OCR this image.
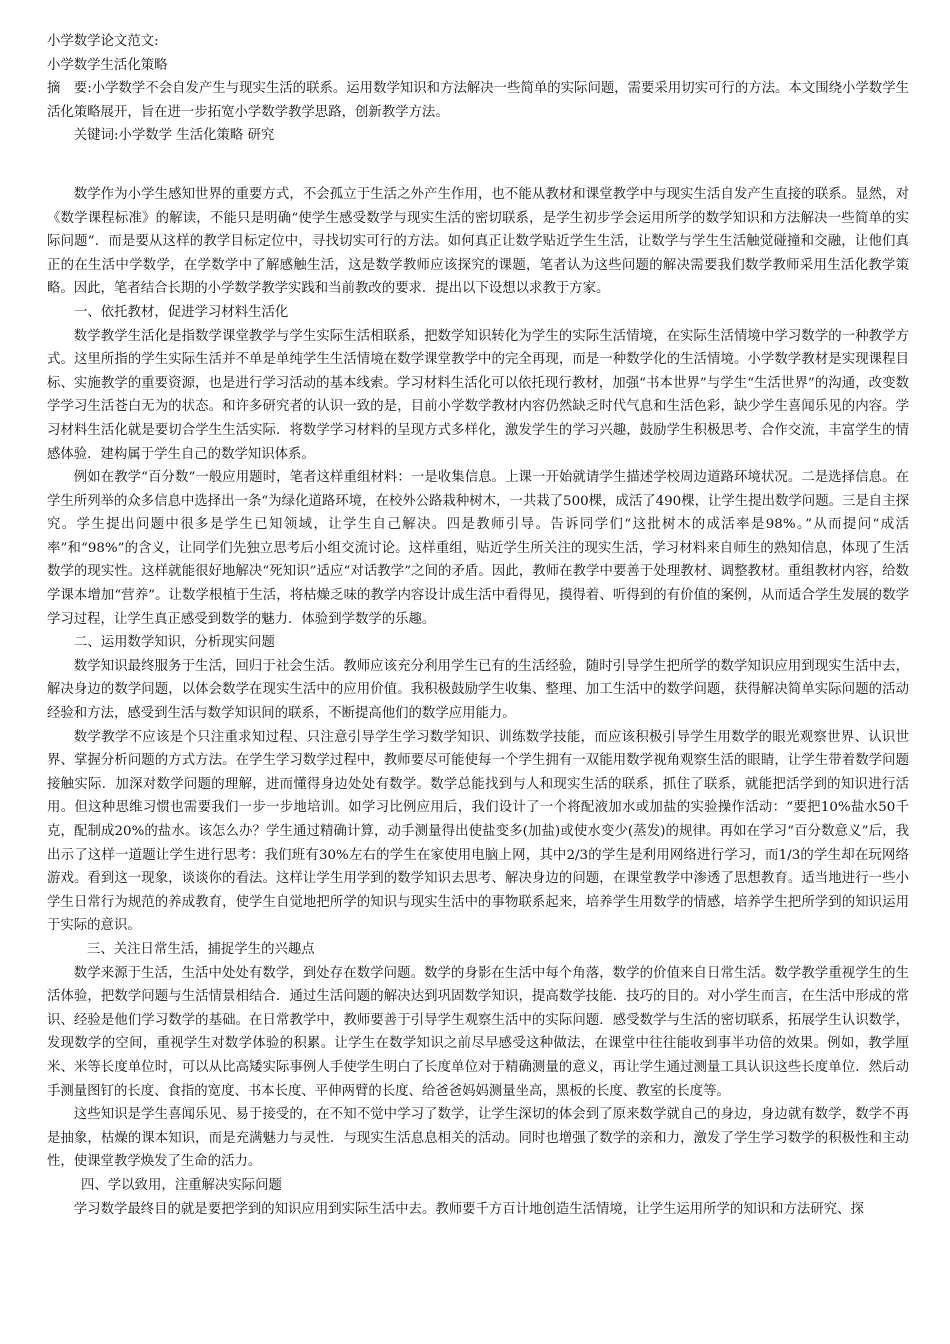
小学数学论文范文:

小学数学生活化策略

摘　要:小学数学不会自发产生与现实生活的联系。运用数学知识和方法解决一些简单的实际问题，需要采用切实可行的方法。本文围绕小学数学生活化策略展开，旨在进一步拓宽小学数学教学思路，创新教学方法。

关键词:小学数学 生活化策略 研究

数学作为小学生感知世界的重要方式，不会孤立于生活之外产生作用，也不能从教材和课堂教学中与现实生活自发产生直接的联系。显然，对《数学课程标准》的解读，不能只是明确“使学生感受数学与现实生活的密切联系，是学生初步学会运用所学的数学知识和方法解决一些简单的实际问题”．而是要从这样的教学目标定位中，寻找切实可行的方法。如何真正让数学贴近学生生活，让数学与学生生活触觉碰撞和交融，让他们真正的在生活中学数学，在学数学中了解感触生活，这是数学教师应该探究的课题，笔者认为这些问题的解决需要我们数学教师采用生活化教学策略。因此，笔者结合长期的小学数学教学实践和当前教改的要求．提出以下设想以求教于方家。

一、依托教材，促进学习材料生活化

数学教学生活化是指数学课堂教学与学生实际生活相联系，把数学知识转化为学生的实际生活情境，在实际生活情境中学习数学的一种教学方式。这里所指的学生实际生活并不单是单纯学生生活情境在数学课堂教学中的完全再现，而是一种数学化的生活情境。小学数学教材是实现课程目标、实施教学的重要资源，也是进行学习活动的基本线索。学习材料生活化可以依托现行教材，加强“书本世界”与学生“生活世界”的沟通，改变数学学习生活苍白无为的状态。和许多研究者的认识一致的是，目前小学数学教材内容仍然缺乏时代气息和生活色彩，缺少学生喜闻乐见的内容。学习材料生活化就是要切合学生生活实际．将数学学习材料的呈现方式多样化，激发学生的学习兴趣，鼓励学生积极思考、合作交流，丰富学生的情感体验．建构属于学生自己的数学知识体系。

例如在教学“百分数”一般应用题时，笔者这样重组材料：一是收集信息。上课一开始就请学生描述学校周边道路环境状况。二是选择信息。在学生所列举的众多信息中选择出一条“为绿化道路环境，在校外公路栽种树木，一共栽了500棵，成活了490棵，让学生提出数学问题。三是自主探究。学生提出问题中很多是学生已知领域，让学生自己解决。四是教师引导。告诉同学们“这批树木的成活率是98%。”从而提问“成活率”和“98%”的含义，让同学们先独立思考后小组交流讨论。这样重组，贴近学生所关注的现实生活，学习材料来自师生的熟知信息，体现了生活数学的现实性。这样就能很好地解决“死知识”适应“对话教学”之间的矛盾。因此，教师在教学中要善于处理教材、调整教材。重组教材内容，给数学课本增加“营养”。让数学根植于生活，将枯燥乏味的教学内容设计成生活中看得见，摸得着、听得到的有价值的案例，从而适合学生发展的数学学习过程，让学生真正感受到数学的魅力．体验到学数学的乐趣。

二、运用数学知识，分析现实问题

数学知识最终服务于生活，回归于社会生活。教师应该充分利用学生已有的生活经验，随时引导学生把所学的数学知识应用到现实生活中去，解决身边的数学问题，以体会数学在现实生活中的应用价值。我积极鼓励学生收集、整理、加工生活中的数学问题，获得解决简单实际问题的活动经验和方法，感受到生活与数学知识间的联系，不断提高他们的数学应用能力。

数学教学不应该是个只注重求知过程、只注意引导学生学习数学知识、训练数学技能，而应该积极引导学生用数学的眼光观察世界、认识世界、掌握分析问题的方式方法。在学生学习数学过程中，教师要尽可能使每一个学生拥有一双能用数学视角观察生活的眼睛，让学生带着数学问题接触实际．加深对数学问题的理解，进而懂得身边处处有数学。数学总能找到与人和现实生活的联系，抓住了联系，就能把活学到的知识进行活用。但这种思维习惯也需要我们一步一步地培训。如学习比例应用后，我们设计了一个将配液加水或加盐的实验操作活动：“要把10%盐水50千克，配制成20%的盐水。该怎么办？学生通过精确计算，动手测量得出使盐变多(加盐)或使水变少(蒸发)的规律。再如在学习“百分数意义”后，我出示了这样一道题让学生进行思考：我们班有30%左右的学生在家使用电脑上网，其中2/3的学生是利用网络进行学习，而1/3的学生却在玩网络游戏。看到这一现象，谈谈你的看法。这样让学生用学到的数学知识去思考、解决身边的问题，在课堂教学中渗透了思想教育。适当地进行一些小学生日常行为规范的养成教育，使学生自觉地把所学的知识与现实生活中的事物联系起来，培养学生用数学的情感，培养学生把所学到的知识运用于实际的意识。

三、关注日常生活，捕捉学生的兴趣点

数学来源于生活，生活中处处有数学，到处存在数学问题。数学的身影在生活中每个角落，数学的价值来自日常生活。数学教学重视学生的生活体验，把数学问题与生活情景相结合．通过生活问题的解决达到巩固数学知识，提高数学技能．技巧的目的。对小学生而言，在生活中形成的常识、经验是他们学习数学的基础。在日常教学中，教师要善于引导学生观察生活中的实际问题．感受数学与生活的密切联系，拓展学生认识数学，发现数学的空间，重视学生对数学体验的积累。让学生在数学知识之前尽早感受这种做法，在课堂中往往能收到事半功倍的效果。例如，教学厘米、米等长度单位时，可以从比高矮实际事例人手使学生明白了长度单位对于精确测量的意义，再让学生通过测量工具认识这些长度单位．然后动手测量图钉的长度、食指的宽度、书本长度、平伸两臂的长度、给爸爸妈妈测量坐高，黑板的长度、教室的长度等。

这些知识是学生喜闻乐见、易于接受的，在不知不觉中学习了数学，让学生深切的体会到了原来数学就自己的身边，身边就有数学，数学不再是抽象，枯燥的课本知识，而是充满魅力与灵性．与现实生活息息相关的活动。同时也增强了数学的亲和力，激发了学生学习数学的积极性和主动性，使课堂教学焕发了生命的活力。

四、学以致用，注重解决实际问题

学习数学最终目的就是要把学到的知识应用到实际生活中去。教师要千方百计地创造生活情境，让学生运用所学的知识和方法研究、探
